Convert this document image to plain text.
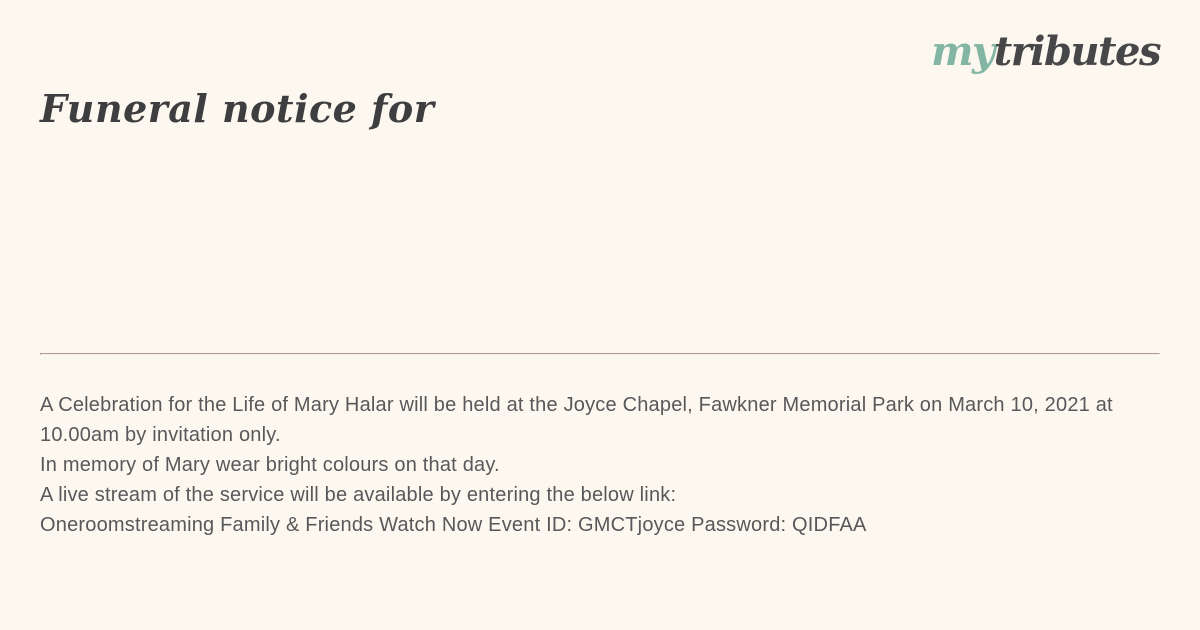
mytributes
Funeral notice for

A Celebration for the Life of Mary Halar will be held at the Joyce Chapel, Fawkner Memorial Park on March 10, 2021 at 10.00am by invitation only.

In memory of Mary wear bright colours on that day.

A live stream of the service will be available by entering the below link:

Oneroomstreaming Family & Friends Watch Now Event ID: GMCTjoyce Password: QIDFAA
